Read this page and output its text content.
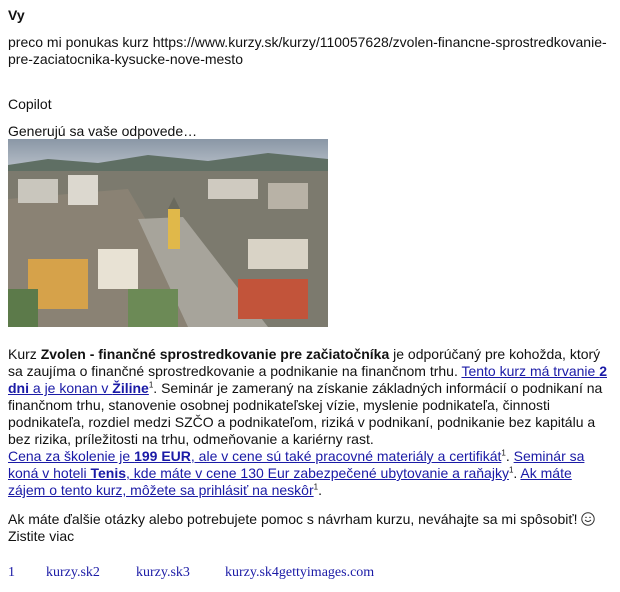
Vy
preco mi ponukas kurz https://www.kurzy.sk/kurzy/110057628/zvolen-financne-sprostredkovanie-pre-zaciatocnika-kysucke-nove-mesto
Copilot
Generujú sa vaše odpovede…
Kurz Zvolen - finančné sprostredkovanie pre začiatočníka je odporúčaný pre kohožda, ktorý sa zaujíma o finančné sprostredkovanie a podnikanie na finančnom trhu. Tento kurz má trvanie 2 dni a je konan v Žiline$^1$. Seminár je zameraný na získanie základných informácií o podnikaní na finančnom trhu, stanovenie osobnej podnikateľskej vízie, myslenie podnikateľa, činnosti podnikateľa, rozdiel medzi SZČO a podnikateľom, riziká v podnikaní, podnikanie bez kapitálu a bez rizika, príležitosti na trhu, odmeňovanie a kariérny rast.
Cena za školenie je 199 EUR, ale v cene sú také pracovné materiály a certifikát$^1$. Seminár sa koná v hoteli Tenis, kde máte v cene 130 Eur zabezpečené ubytovanie a raňajky$^1$. Ak máte zájem o tento kurz, môžete sa prihlásiť na neskôr$^1$.
Ak máte ďalšie otázky alebo potrebujete pomoc s návrham kurzu, neváhajte sa mi spôsobiť!
Zistite viac
1 kurzy.sk2	kurzy.sk3	kurzy.sk4gettyimages.com
